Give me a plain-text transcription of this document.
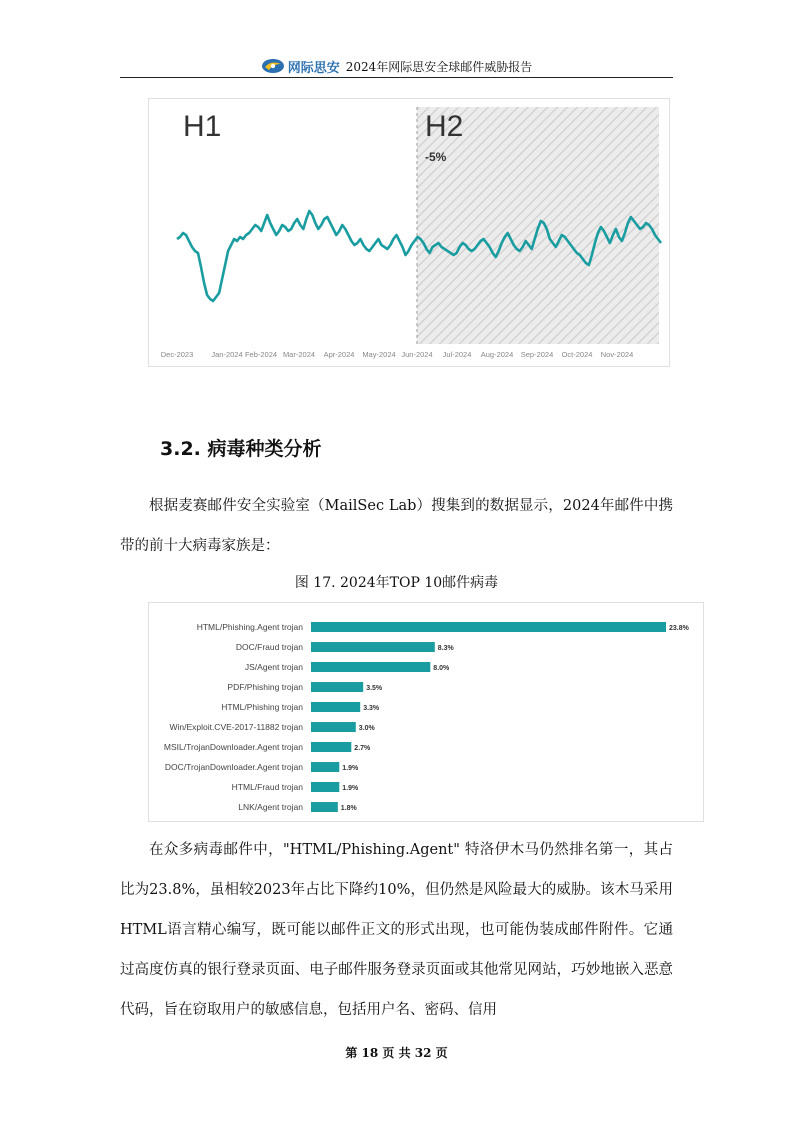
网际思安 2024年网际思安全球邮件威胁报告
H1	H2
-5%
Dec-2023 Jan-2024 Feb-2024 Mar-2024 Apr-2024 May-2024 Jun-2024 Jul-2024 Aug-2024 Sep-2024 Oct-2024 Nov-2024
3.2. 病毒种类分析

根据麦赛邮件安全实验室（MailSec Lab）搜集到的数据显示，2024年邮件中携带的前十大病毒家族是：

图 17. 2024年TOP 10邮件病毒
HTML/Phishing.Agent trojan	23.8%
DOC/Fraud trojan	8.3%
JS/Agent trojan	8.0%
PDF/Phishing trojan	3.5%
HTML/Phishing trojan	3.3%
Win/Exploit.CVE-2017-11882 trojan	3.0%
MSIL/TrojanDownloader.Agent trojan	2.7%
DOC/TrojanDownloader.Agent trojan	1.9%
HTML/Fraud trojan	1.9%
LNK/Agent trojan	1.8%

在众多病毒邮件中，"HTML/Phishing.Agent" 特洛伊木马仍然排名第一，其占比为23.8%，虽相较2023年占比下降约10%，但仍然是风险最大的威胁。该木马采用HTML语言精心编写，既可能以邮件正文的形式出现，也可能伪装成邮件附件。它通过高度仿真的银行登录页面、电子邮件服务登录页面或其他常见网站，巧妙地嵌入恶意代码，旨在窃取用户的敏感信息，包括用户名、密码、信用

第 18 页 共 32 页
